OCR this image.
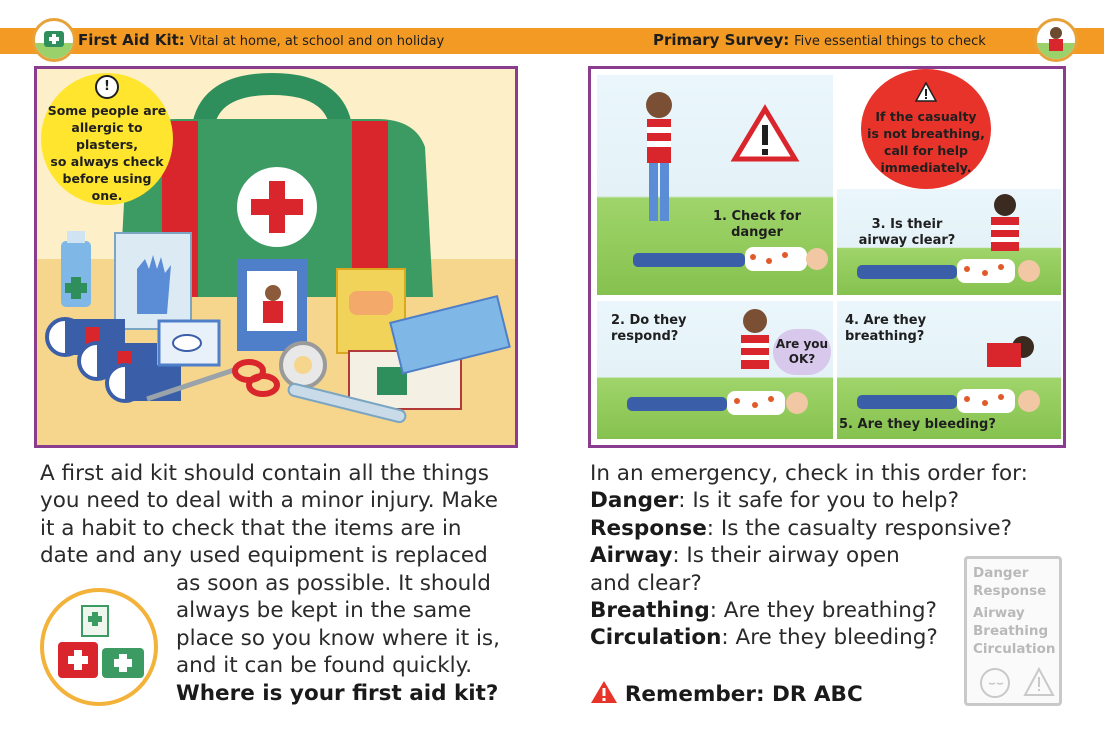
First Aid Kit: Vital at home, at school and on holiday	Primary Survey: Five essential things to check
!
Some people are
allergic to plasters,
so always check
before using
one.
1. Check for
danger
3. Is their
airway clear?
2. Do they
respond?	Are you
OK?
4. Are they
breathing?
5. Are they bleeding?
If the casualty
is not breathing,
call for help
immediately.
A first aid kit should contain all the things
you need to deal with a minor injury. Make
it a habit to check that the items are in
date and any used equipment is replaced
as soon as possible. It should
always be kept in the same
place so you know where it is,
and it can be found quickly.
Where is your first aid kit?
In an emergency, check in this order for:
Danger: Is it safe for you to help?
Response: Is the casualty responsive?
Airway: Is their airway open
and clear?
Breathing: Are they breathing?
Circulation: Are they bleeding?
Remember: DR ABC
Danger
Response
Airway
Breathing
Circulation
